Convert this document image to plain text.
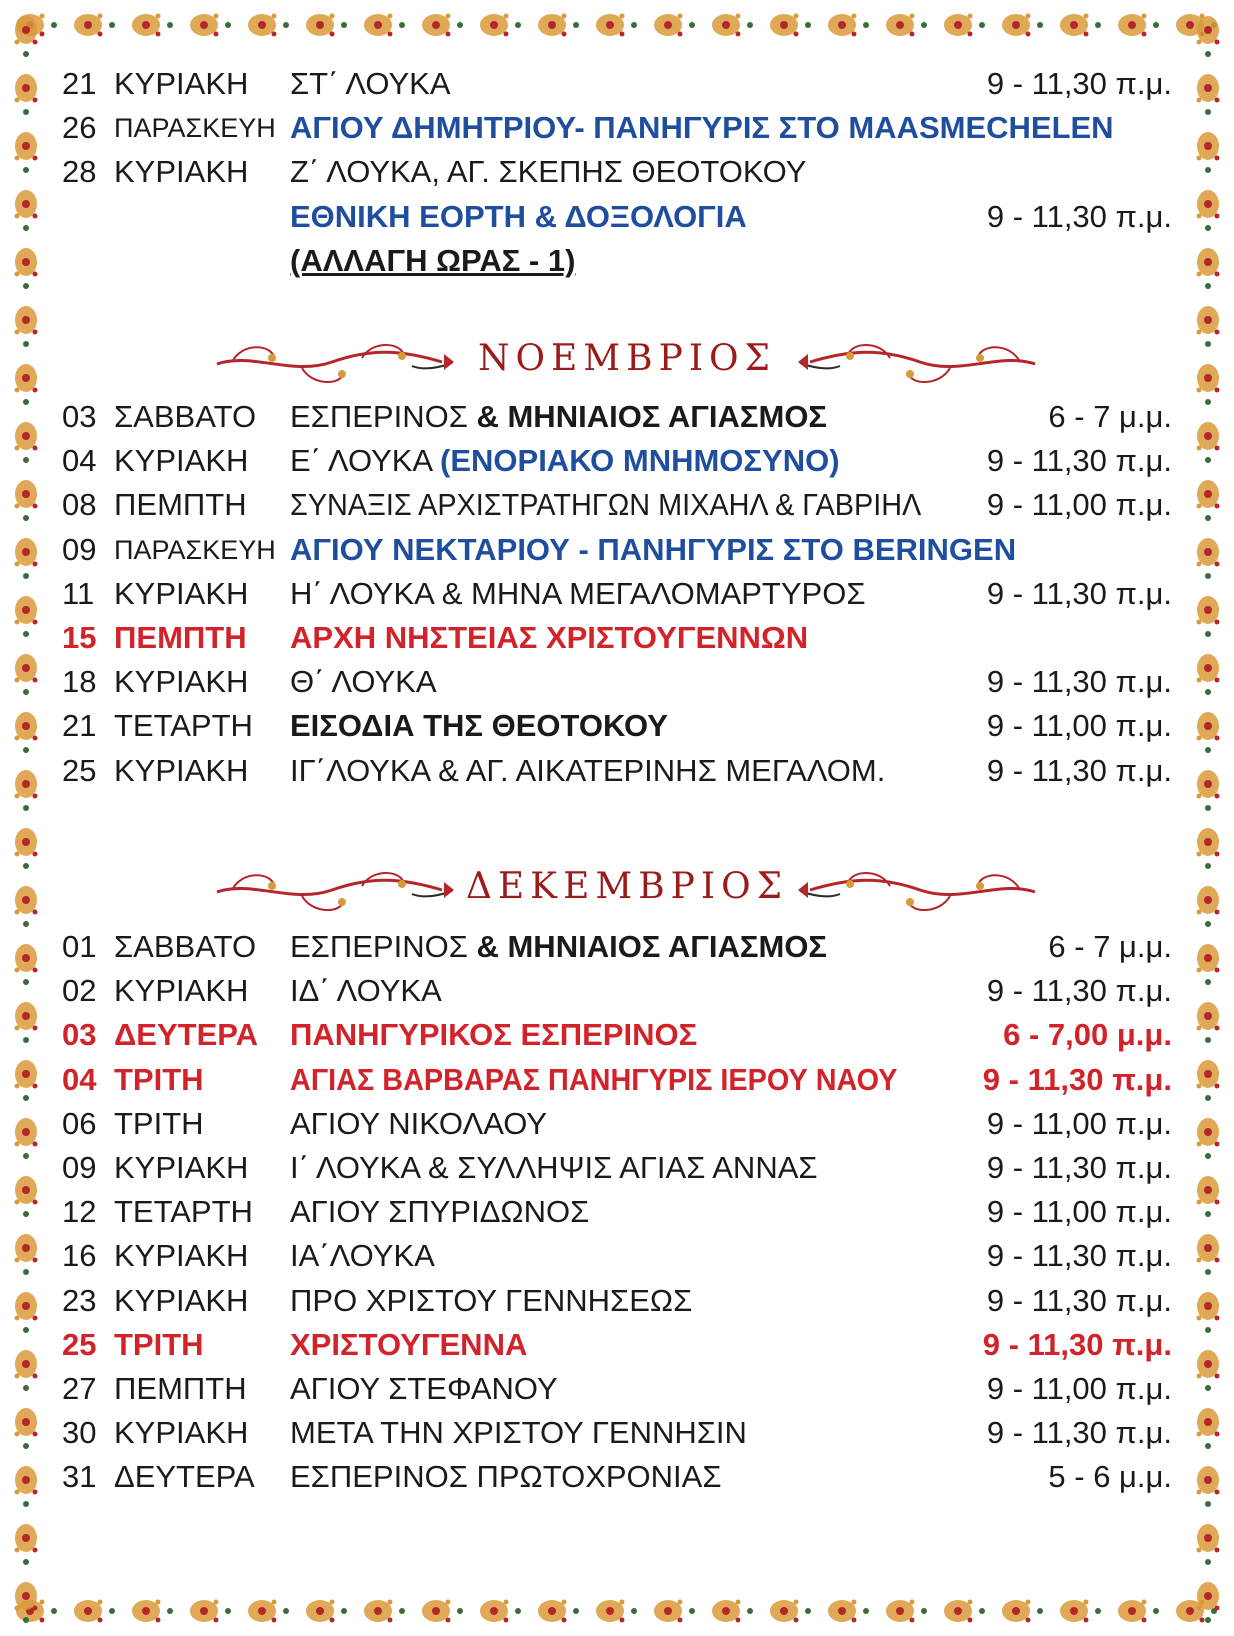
21 ΚΥΡΙΑΚΗ ΣΤ΄ ΛΟΥΚΑ	9 - 11,30 π.μ.
26 ΠΑΡΑΣΚΕΥΗ ΑΓΙΟΥ ΔΗΜΗΤΡΙΟΥ- ΠΑΝΗΓΥΡΙΣ ΣΤΟ MAASMECHELEN
28 ΚΥΡΙΑΚΗ Ζ΄ ΛΟΥΚΑ, ΑΓ. ΣΚΕΠΗΣ ΘΕΟΤΟΚΟΥ
ΕΘΝΙΚΗ ΕΟΡΤΗ & ΔΟΞΟΛΟΓΙΑ	9 - 11,30 π.μ.
(ΑΛΛΑΓΗ ΩΡΑΣ - 1)
ΝΟΕΜΒΡΙΟΣ
03 ΣΑΒΒΑΤΟ ΕΣΠΕΡΙΝΟΣ & ΜΗΝΙΑΙΟΣ ΑΓΙΑΣΜΟΣ	6 - 7 μ.μ.
04 ΚΥΡΙΑΚΗ Ε΄ ΛΟΥΚΑ (ΕΝΟΡΙΑΚΟ ΜΝΗΜΟΣΥΝΟ)	9 - 11,30 π.μ.
08 ΠΕΜΠΤΗ ΣΥΝΑΞΙΣ ΑΡΧΙΣΤΡΑΤΗΓΩΝ ΜΙΧΑΗΛ & ΓΑΒΡΙΗΛ	9 - 11,00 π.μ.
09 ΠΑΡΑΣΚΕΥΗ ΑΓΙΟΥ ΝΕΚΤΑΡΙΟΥ - ΠΑΝΗΓΥΡΙΣ ΣΤΟ BERINGEN
11 ΚΥΡΙΑΚΗ Η΄ ΛΟΥΚΑ & ΜΗΝΑ ΜΕΓΑΛΟΜΑΡΤΥΡΟΣ	9 - 11,30 π.μ.
15 ΠΕΜΠΤΗ ΑΡΧΗ ΝΗΣΤΕΙΑΣ ΧΡΙΣΤΟΥΓΕΝΝΩΝ
18 ΚΥΡΙΑΚΗ Θ΄ ΛΟΥΚΑ	9 - 11,30 π.μ.
21 ΤΕΤΑΡΤΗ ΕΙΣΟΔΙΑ ΤΗΣ ΘΕΟΤΟΚΟΥ	9 - 11,00 π.μ.
25 ΚΥΡΙΑΚΗ ΙΓ΄ΛΟΥΚΑ & ΑΓ. ΑΙΚΑΤΕΡΙΝΗΣ ΜΕΓΑΛΟΜ.	9 - 11,30 π.μ.
ΔΕΚΕΜΒΡΙΟΣ
01 ΣΑΒΒΑΤΟ ΕΣΠΕΡΙΝΟΣ & ΜΗΝΙΑΙΟΣ ΑΓΙΑΣΜΟΣ	6 - 7 μ.μ.
02 ΚΥΡΙΑΚΗ ΙΔ΄ ΛΟΥΚΑ	9 - 11,30 π.μ.
03 ΔΕΥΤΕΡΑ ΠΑΝΗΓΥΡΙΚΟΣ ΕΣΠΕΡΙΝΟΣ	6 - 7,00 μ.μ.
04 ΤΡΙΤΗ	ΑΓΙΑΣ ΒΑΡΒΑΡΑΣ ΠΑΝΗΓΥΡΙΣ ΙΕΡΟΥ ΝΑΟΥ	9 - 11,30 π.μ.
06 ΤΡΙΤΗ	ΑΓΙΟΥ ΝΙΚΟΛΑΟΥ	9 - 11,00 π.μ.
09 ΚΥΡΙΑΚΗ Ι΄ ΛΟΥΚΑ & ΣΥΛΛΗΨΙΣ ΑΓΙΑΣ ΑΝΝΑΣ	9 - 11,30 π.μ.
12 ΤΕΤΑΡΤΗ ΑΓΙΟΥ ΣΠΥΡΙΔΩΝΟΣ	9 - 11,00 π.μ.
16 ΚΥΡΙΑΚΗ ΙΑ΄ΛΟΥΚΑ	9 - 11,30 π.μ.
23 ΚΥΡΙΑΚΗ ΠΡΟ ΧΡΙΣΤΟΥ ΓΕΝΝΗΣΕΩΣ	9 - 11,30 π.μ.
25 ΤΡΙΤΗ	ΧΡΙΣΤΟΥΓΕΝΝΑ	9 - 11,30 π.μ.
27 ΠΕΜΠΤΗ ΑΓΙΟΥ ΣΤΕΦΑΝΟΥ	9 - 11,00 π.μ.
30 ΚΥΡΙΑΚΗ ΜΕΤΑ ΤΗΝ ΧΡΙΣΤΟΥ ΓΕΝΝΗΣΙΝ	9 - 11,30 π.μ.
31 ΔΕΥΤΕΡΑ ΕΣΠΕΡΙΝΟΣ ΠΡΩΤΟΧΡΟΝΙΑΣ	5 - 6 μ.μ.
